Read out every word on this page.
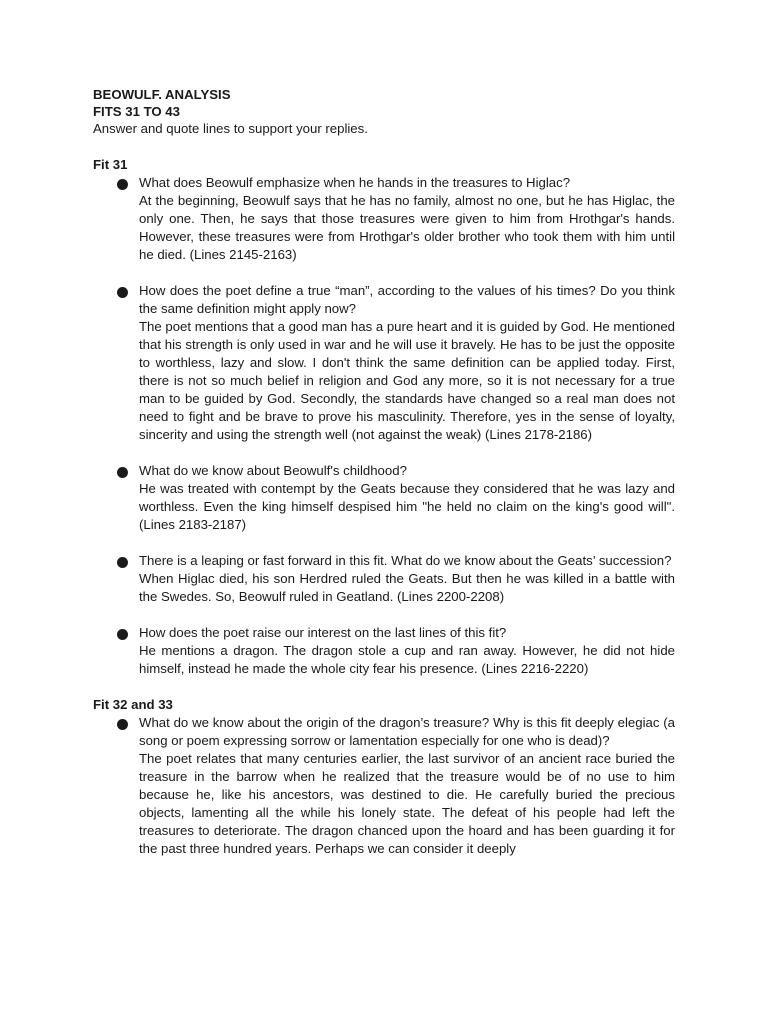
BEOWULF. ANALYSIS

FITS 31 TO 43

Answer and quote lines to support your replies.

Fit 31

What does Beowulf emphasize when he hands in the treasures to Higlac?

At the beginning, Beowulf says that he has no family, almost no one, but he has Higlac, the only one. Then, he says that those treasures were given to him from Hrothgar's hands. However, these treasures were from Hrothgar's older brother who took them with him until he died. (Lines 2145-2163)

How does the poet define a true “man”, according to the values of his times? Do you think the same definition might apply now?

The poet mentions that a good man has a pure heart and it is guided by God. He mentioned that his strength is only used in war and he will use it bravely. He has to be just the opposite to worthless, lazy and slow. I don't think the same definition can be applied today. First, there is not so much belief in religion and God any more, so it is not necessary for a true man to be guided by God. Secondly, the standards have changed so a real man does not need to fight and be brave to prove his masculinity. Therefore, yes in the sense of loyalty, sincerity and using the strength well (not against the weak) (Lines 2178-2186)

What do we know about Beowulf's childhood?

He was treated with contempt by the Geats because they considered that he was lazy and worthless. Even the king himself despised him "he held no claim on the king's good will". (Lines 2183-2187)

There is a leaping or fast forward in this fit. What do we know about the Geats’ succession?

When Higlac died, his son Herdred ruled the Geats. But then he was killed in a battle with the Swedes. So, Beowulf ruled in Geatland. (Lines 2200-2208)

How does the poet raise our interest on the last lines of this fit?

He mentions a dragon. The dragon stole a cup and ran away. However, he did not hide himself, instead he made the whole city fear his presence. (Lines 2216-2220)

Fit 32 and 33

What do we know about the origin of the dragon’s treasure? Why is this fit deeply elegiac (a song or poem expressing sorrow or lamentation especially for one who is dead)?

The poet relates that many centuries earlier, the last survivor of an ancient race buried the treasure in the barrow when he realized that the treasure would be of no use to him because he, like his ancestors, was destined to die. He carefully buried the precious objects, lamenting all the while his lonely state. The defeat of his people had left the treasures to deteriorate. The dragon chanced upon the hoard and has been guarding it for the past three hundred years. Perhaps we can consider it deeply
